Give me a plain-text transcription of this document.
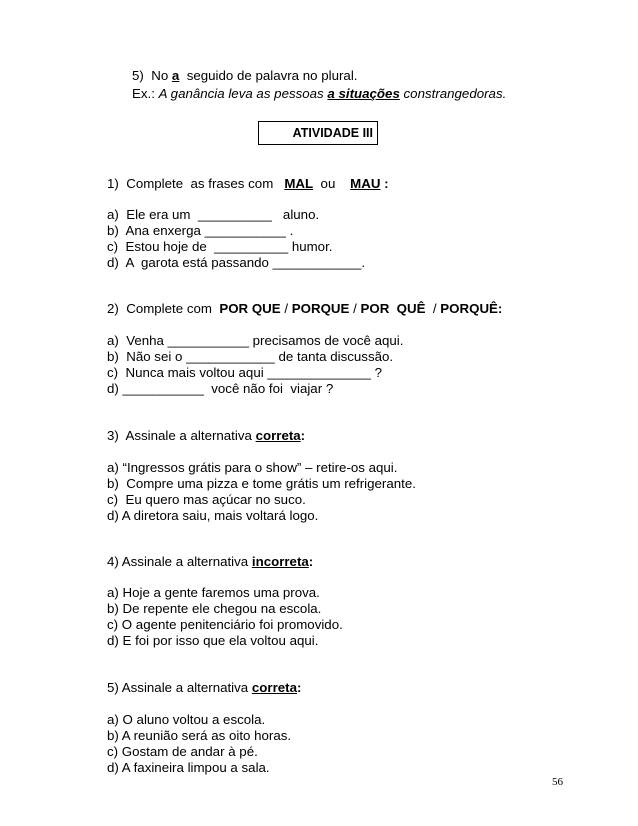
5)  No a  seguido de palavra no plural.
Ex.: A ganância leva as pessoas a situações constrangedoras.
ATIVIDADE III
1)  Complete  as frases com   MAL  ou    MAU :
a)  Ele era um  __________   aluno.
b)  Ana enxerga ___________ .
c)  Estou hoje de  __________ humor.
d)  A  garota está passando ____________.
2)  Complete com  POR QUE / PORQUE / POR  QUÊ  / PORQUÊ:
a)  Venha ___________ precisamos de você aqui.
b)  Não sei o ____________ de tanta discussão.
c)  Nunca mais voltou aqui ______________ ?
d) ___________  você não foi  viajar ?
3)  Assinale a alternativa correta:
a) “Ingressos grátis para o show” – retire-os aqui.
b)  Compre uma pizza e tome grátis um refrigerante.
c)  Eu quero mas açúcar no suco.
d) A diretora saiu, mais voltará logo.
4) Assinale a alternativa incorreta:
a) Hoje a gente faremos uma prova.
b) De repente ele chegou na escola.
c) O agente penitenciário foi promovido.
d) E foi por isso que ela voltou aqui.
5) Assinale a alternativa correta:
a) O aluno voltou a escola.
b) A reunião será as oito horas.
c) Gostam de andar à pé.
d) A faxineira limpou a sala.
56
